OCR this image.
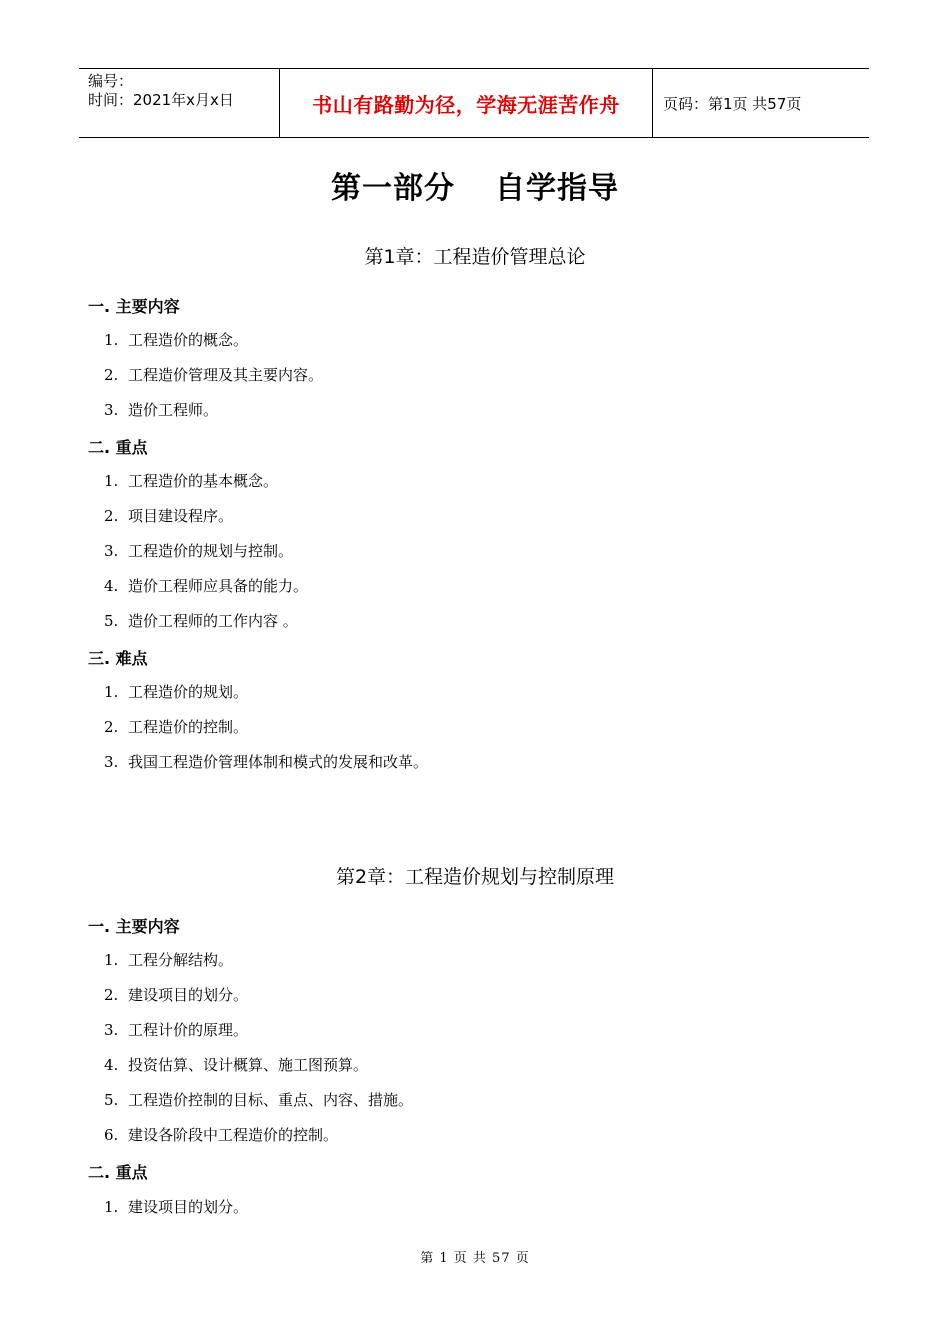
编号：
时间：2021年x月x日	书山有路勤为径，学海无涯苦作舟	页码：第1页 共57页
第一部分 自学指导
第1章：工程造价管理总论
一. 主要内容
1. 工程造价的概念。
2. 工程造价管理及其主要内容。
3. 造价工程师。
二. 重点
1. 工程造价的基本概念。
2. 项目建设程序。
3. 工程造价的规划与控制。
4. 造价工程师应具备的能力。
5. 造价工程师的工作内容 。
三. 难点
1. 工程造价的规划。
2. 工程造价的控制。
3. 我国工程造价管理体制和模式的发展和改革。
第2章：工程造价规划与控制原理
一. 主要内容
1. 工程分解结构。
2. 建设项目的划分。
3. 工程计价的原理。
4. 投资估算、设计概算、施工图预算。
5. 工程造价控制的目标、重点、内容、措施。
6. 建设各阶段中工程造价的控制。
二. 重点
1. 建设项目的划分。
第 1 页 共 57 页
